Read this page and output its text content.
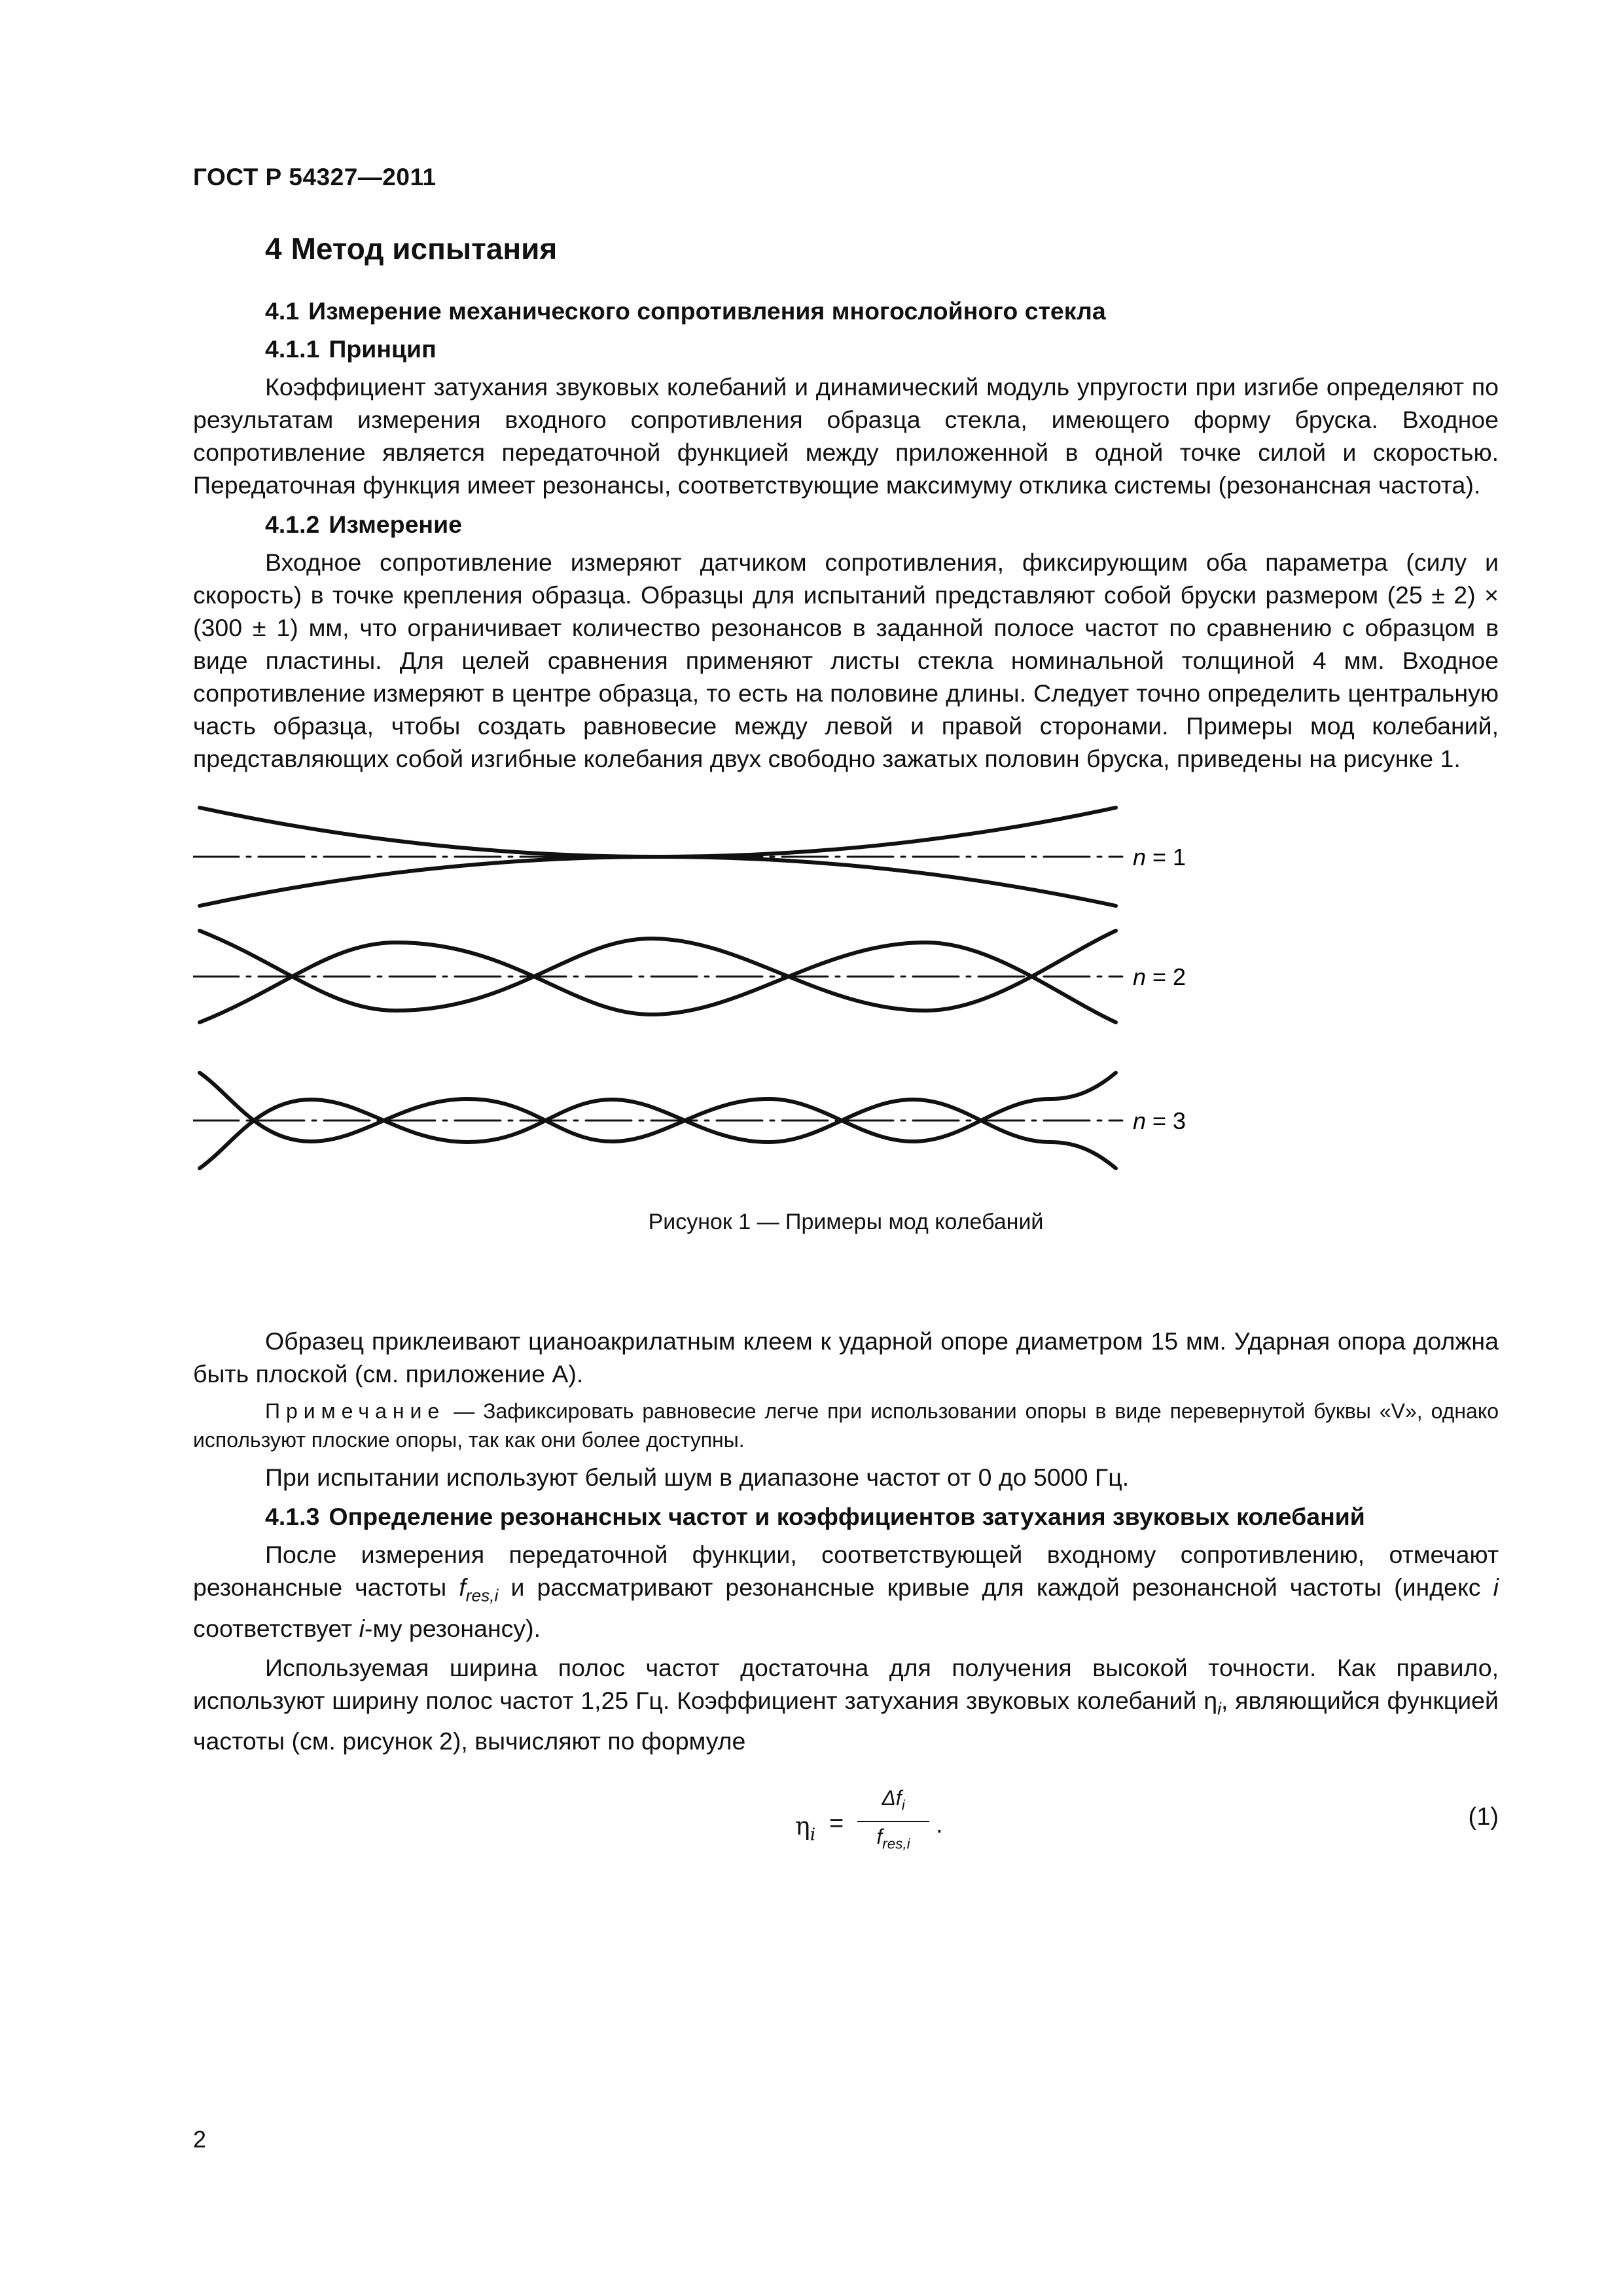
ГОСТ Р 54327—2011
4 Метод испытания
4.1 Измерение механического сопротивления многослойного стекла
4.1.1 Принцип

Коэффициент затухания звуковых колебаний и динамический модуль упругости при изгибе определяют по результатам измерения входного сопротивления образца стекла, имеющего форму бруска. Входное сопротивление является передаточной функцией между приложенной в одной точке силой и скоростью. Передаточная функция имеет резонансы, соответствующие максимуму отклика системы (резонансная частота).

4.1.2 Измерение

Входное сопротивление измеряют датчиком сопротивления, фиксирующим оба параметра (силу и скорость) в точке крепления образца. Образцы для испытаний представляют собой бруски размером (25 ± 2) × (300 ± 1) мм, что ограничивает количество резонансов в заданной полосе частот по сравнению с образцом в виде пластины. Для целей сравнения применяют листы стекла номинальной толщиной 4 мм. Входное сопротивление измеряют в центре образца, то есть на половине длины. Следует точно определить центральную часть образца, чтобы создать равновесие между левой и правой сторонами. Примеры мод колебаний, представляющих собой изгибные колебания двух свободно зажатых половин бруска, приведены на рисунке 1.

n = 1
n = 2
n = 3
Рисунок 1 — Примеры мод колебаний

Образец приклеивают цианоакрилатным клеем к ударной опоре диаметром 15 мм. Ударная опора должна быть плоской (см. приложение А).

Примечание — Зафиксировать равновесие легче при использовании опоры в виде перевернутой буквы «V», однако используют плоские опоры, так как они более доступны.

При испытании используют белый шум в диапазоне частот от 0 до 5000 Гц.

4.1.3 Определение резонансных частот и коэффициентов затухания звуковых колебаний

После измерения передаточной функции, соответствующей входному сопротивлению, отмечают резонансные частоты $f_{res,i}$ и рассматривают резонансные кривые для каждой резонансной частоты (индекс i соответствует i-му резонансу).

Используемая ширина полос частот достаточна для получения высокой точности. Как правило, используют ширину полос частот 1,25 Гц. Коэффициент затухания звуковых колебаний $\eta_i$, являющийся функцией частоты (см. рисунок 2), вычисляют по формуле

$\eta_i$ =
$\Delta f_i$
$f_{res,i}$
.	(1)
2
